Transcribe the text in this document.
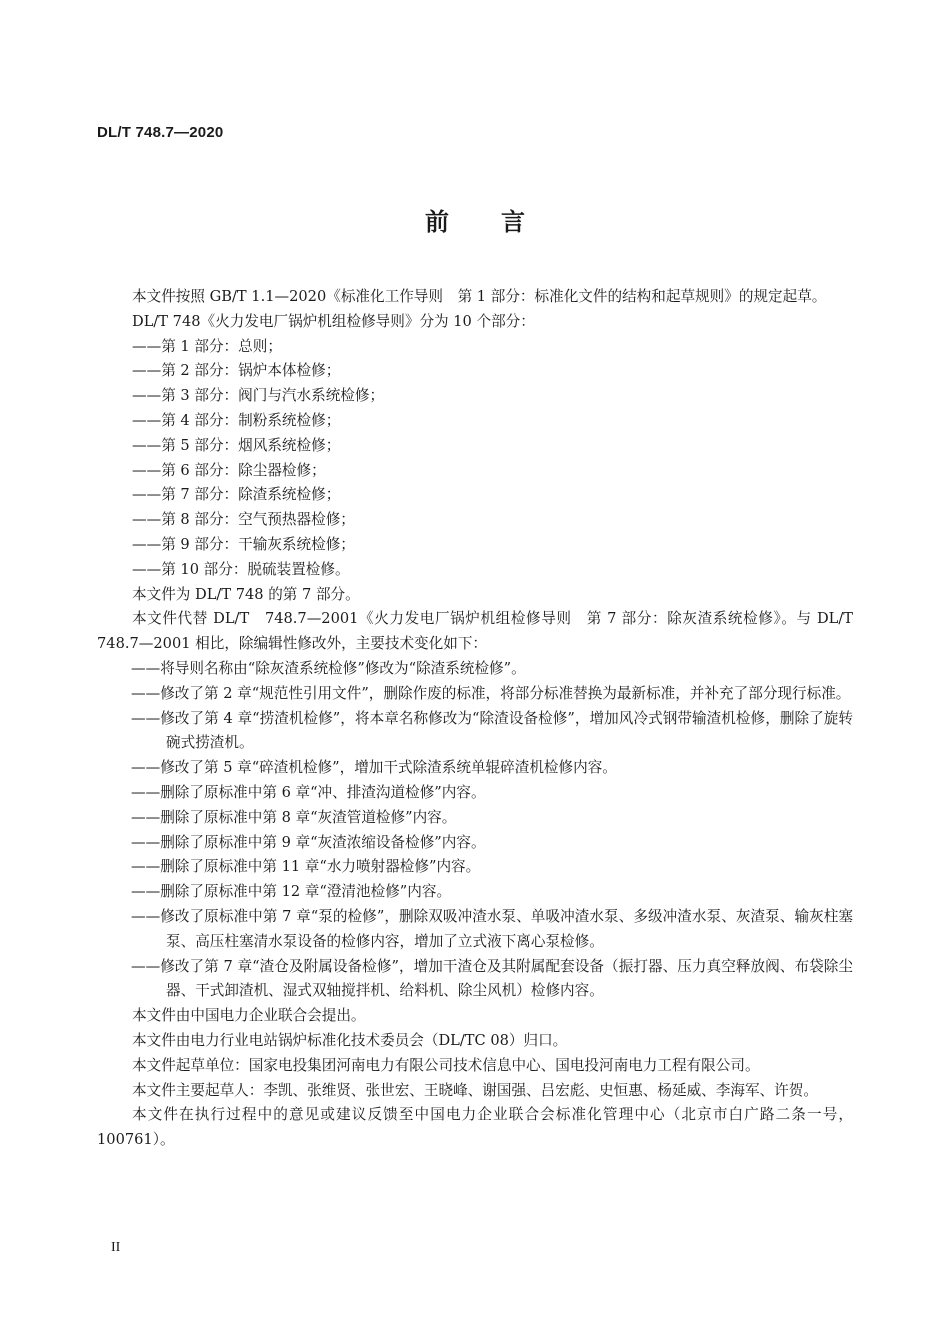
DL/T 748.7—2020
前 言

本文件按照 GB/T 1.1—2020《标准化工作导则　第 1 部分：标准化文件的结构和起草规则》的规定起草。

DL/T 748《火力发电厂锅炉机组检修导则》分为 10 个部分：

——第 1 部分：总则；

——第 2 部分：锅炉本体检修；

——第 3 部分：阀门与汽水系统检修；

——第 4 部分：制粉系统检修；

——第 5 部分：烟风系统检修；

——第 6 部分：除尘器检修；

——第 7 部分：除渣系统检修；

——第 8 部分：空气预热器检修；

——第 9 部分：干输灰系统检修；

——第 10 部分：脱硫装置检修。

本文件为 DL/T 748 的第 7 部分。

本文件代替 DL/T　748.7—2001《火力发电厂锅炉机组检修导则　第 7 部分：除灰渣系统检修》。与 DL/T 748.7—2001 相比，除编辑性修改外，主要技术变化如下：

——将导则名称由“除灰渣系统检修”修改为“除渣系统检修”。

——修改了第 2 章“规范性引用文件”，删除作废的标准，将部分标准替换为最新标准，并补充了部分现行标准。

——修改了第 4 章“捞渣机检修”，将本章名称修改为“除渣设备检修”，增加风冷式钢带输渣机检修，删除了旋转碗式捞渣机。

——修改了第 5 章“碎渣机检修”，增加干式除渣系统单辊碎渣机检修内容。

——删除了原标准中第 6 章“冲、排渣沟道检修”内容。

——删除了原标准中第 8 章“灰渣管道检修”内容。

——删除了原标准中第 9 章“灰渣浓缩设备检修”内容。

——删除了原标准中第 11 章“水力喷射器检修”内容。

——删除了原标准中第 12 章“澄清池检修”内容。

——修改了原标准中第 7 章“泵的检修”，删除双吸冲渣水泵、单吸冲渣水泵、多级冲渣水泵、灰渣泵、输灰柱塞泵、高压柱塞清水泵设备的检修内容，增加了立式液下离心泵检修。

——修改了第 7 章“渣仓及附属设备检修”，增加干渣仓及其附属配套设备（振打器、压力真空释放阀、布袋除尘器、干式卸渣机、湿式双轴搅拌机、给料机、除尘风机）检修内容。

本文件由中国电力企业联合会提出。

本文件由电力行业电站锅炉标准化技术委员会（DL/TC 08）归口。

本文件起草单位：国家电投集团河南电力有限公司技术信息中心、国电投河南电力工程有限公司。

本文件主要起草人：李凯、张维贤、张世宏、王晓峰、谢国强、吕宏彪、史恒惠、杨延威、李海军、许贺。

本文件在执行过程中的意见或建议反馈至中国电力企业联合会标准化管理中心（北京市白广路二条一号，100761）。

II
